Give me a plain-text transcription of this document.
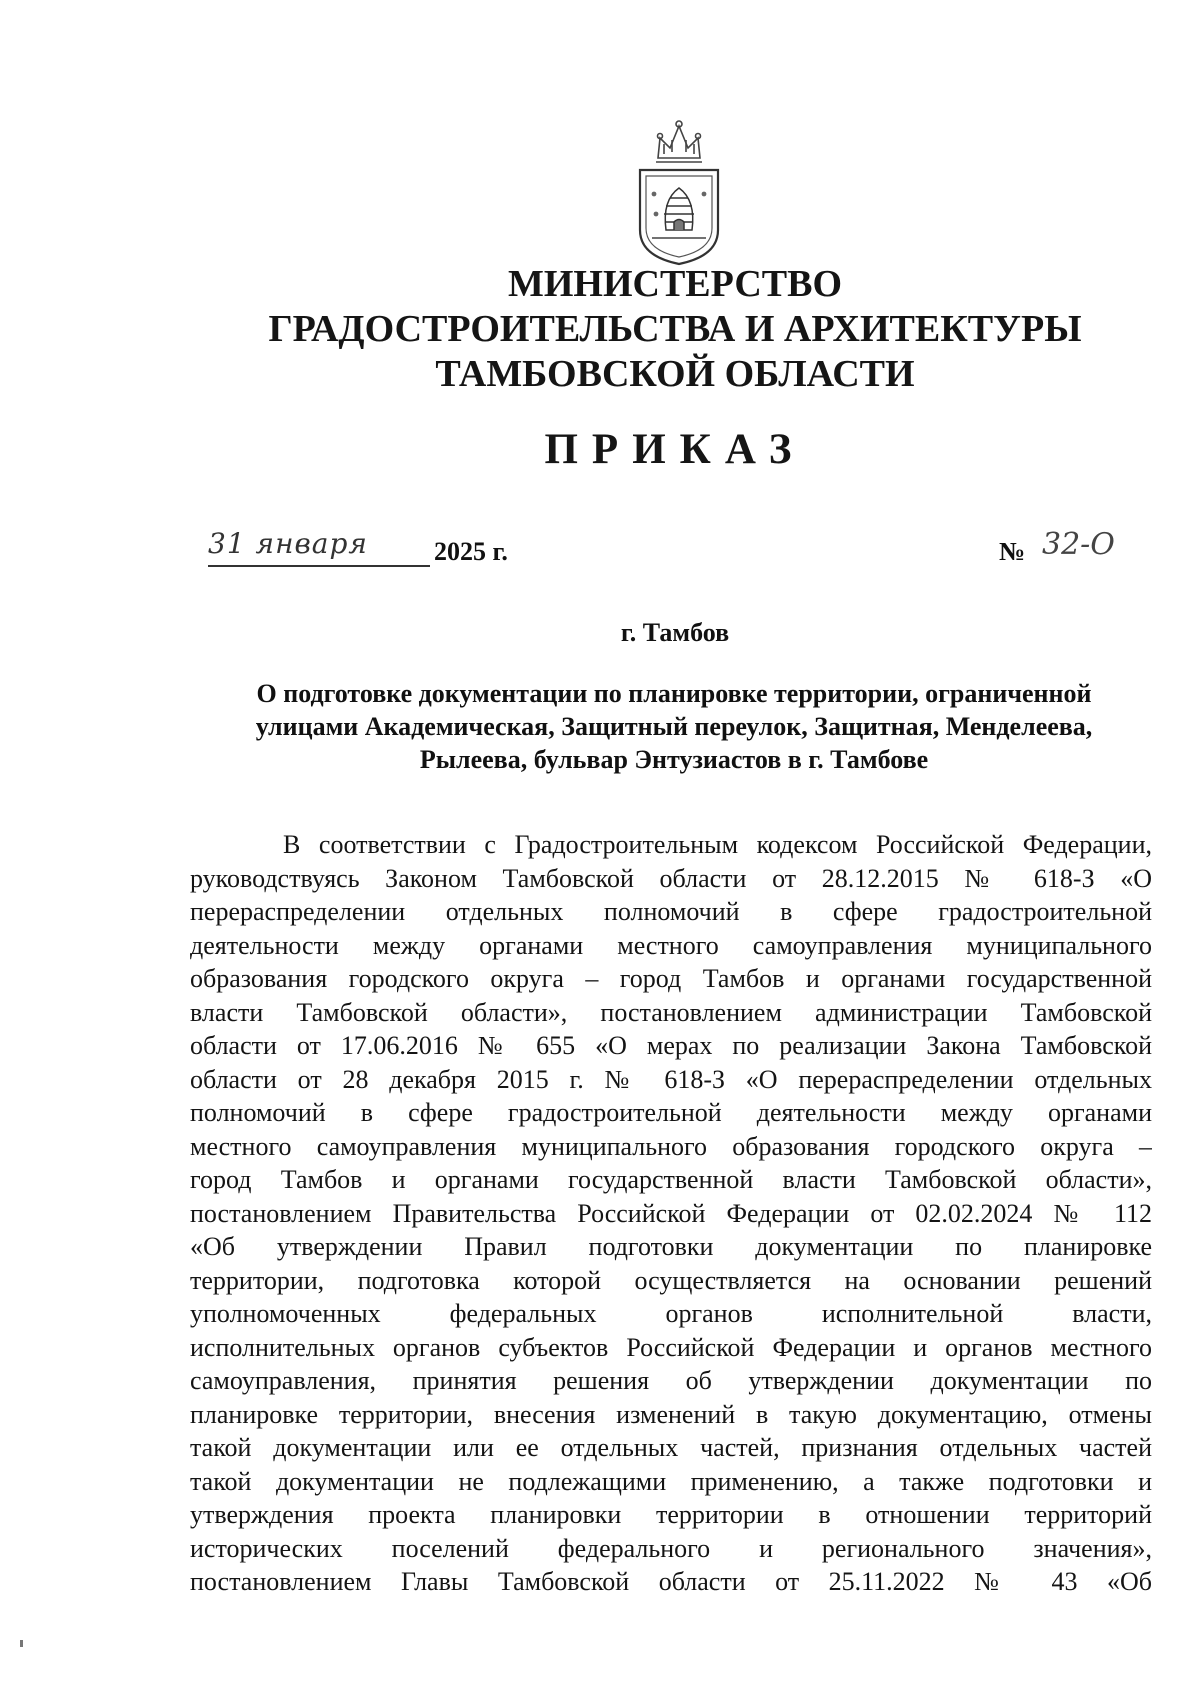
МИНИСТЕРСТВО
ГРАДОСТРОИТЕЛЬСТВА И АРХИТЕКТУРЫ
ТАМБОВСКОЙ ОБЛАСТИ
ПРИКАЗ
31 января	2025 г.	№ 32-О
г. Тамбов
О подготовке документации по планировке территории, ограниченной
улицами Академическая, Защитный переулок, Защитная, Менделеева,
Рылеева, бульвар Энтузиастов в г. Тамбове
В соответствии с Градостроительным кодексом Российской Федерации,
руководствуясь Законом Тамбовской области от 28.12.2015 № 618-З «О
перераспределении отдельных полномочий в сфере градостроительной
деятельности между органами местного самоуправления муниципального
образования городского округа – город Тамбов и органами государственной
власти Тамбовской области», постановлением администрации Тамбовской
области от 17.06.2016 № 655 «О мерах по реализации Закона Тамбовской
области от 28 декабря 2015 г. № 618-З «О перераспределении отдельных
полномочий в сфере градостроительной деятельности между органами
местного самоуправления муниципального образования городского округа –
город Тамбов и органами государственной власти Тамбовской области»,
постановлением Правительства Российской Федерации от 02.02.2024 № 112
«Об утверждении Правил подготовки документации по планировке
территории, подготовка которой осуществляется на основании решений
уполномоченных федеральных органов исполнительной власти,
исполнительных органов субъектов Российской Федерации и органов местного
самоуправления, принятия решения об утверждении документации по
планировке территории, внесения изменений в такую документацию, отмены
такой документации или ее отдельных частей, признания отдельных частей
такой документации не подлежащими применению, а также подготовки и
утверждения проекта планировки территории в отношении территорий
исторических поселений федерального и регионального значения»,
постановлением Главы Тамбовской области от 25.11.2022 № 43 «Об
